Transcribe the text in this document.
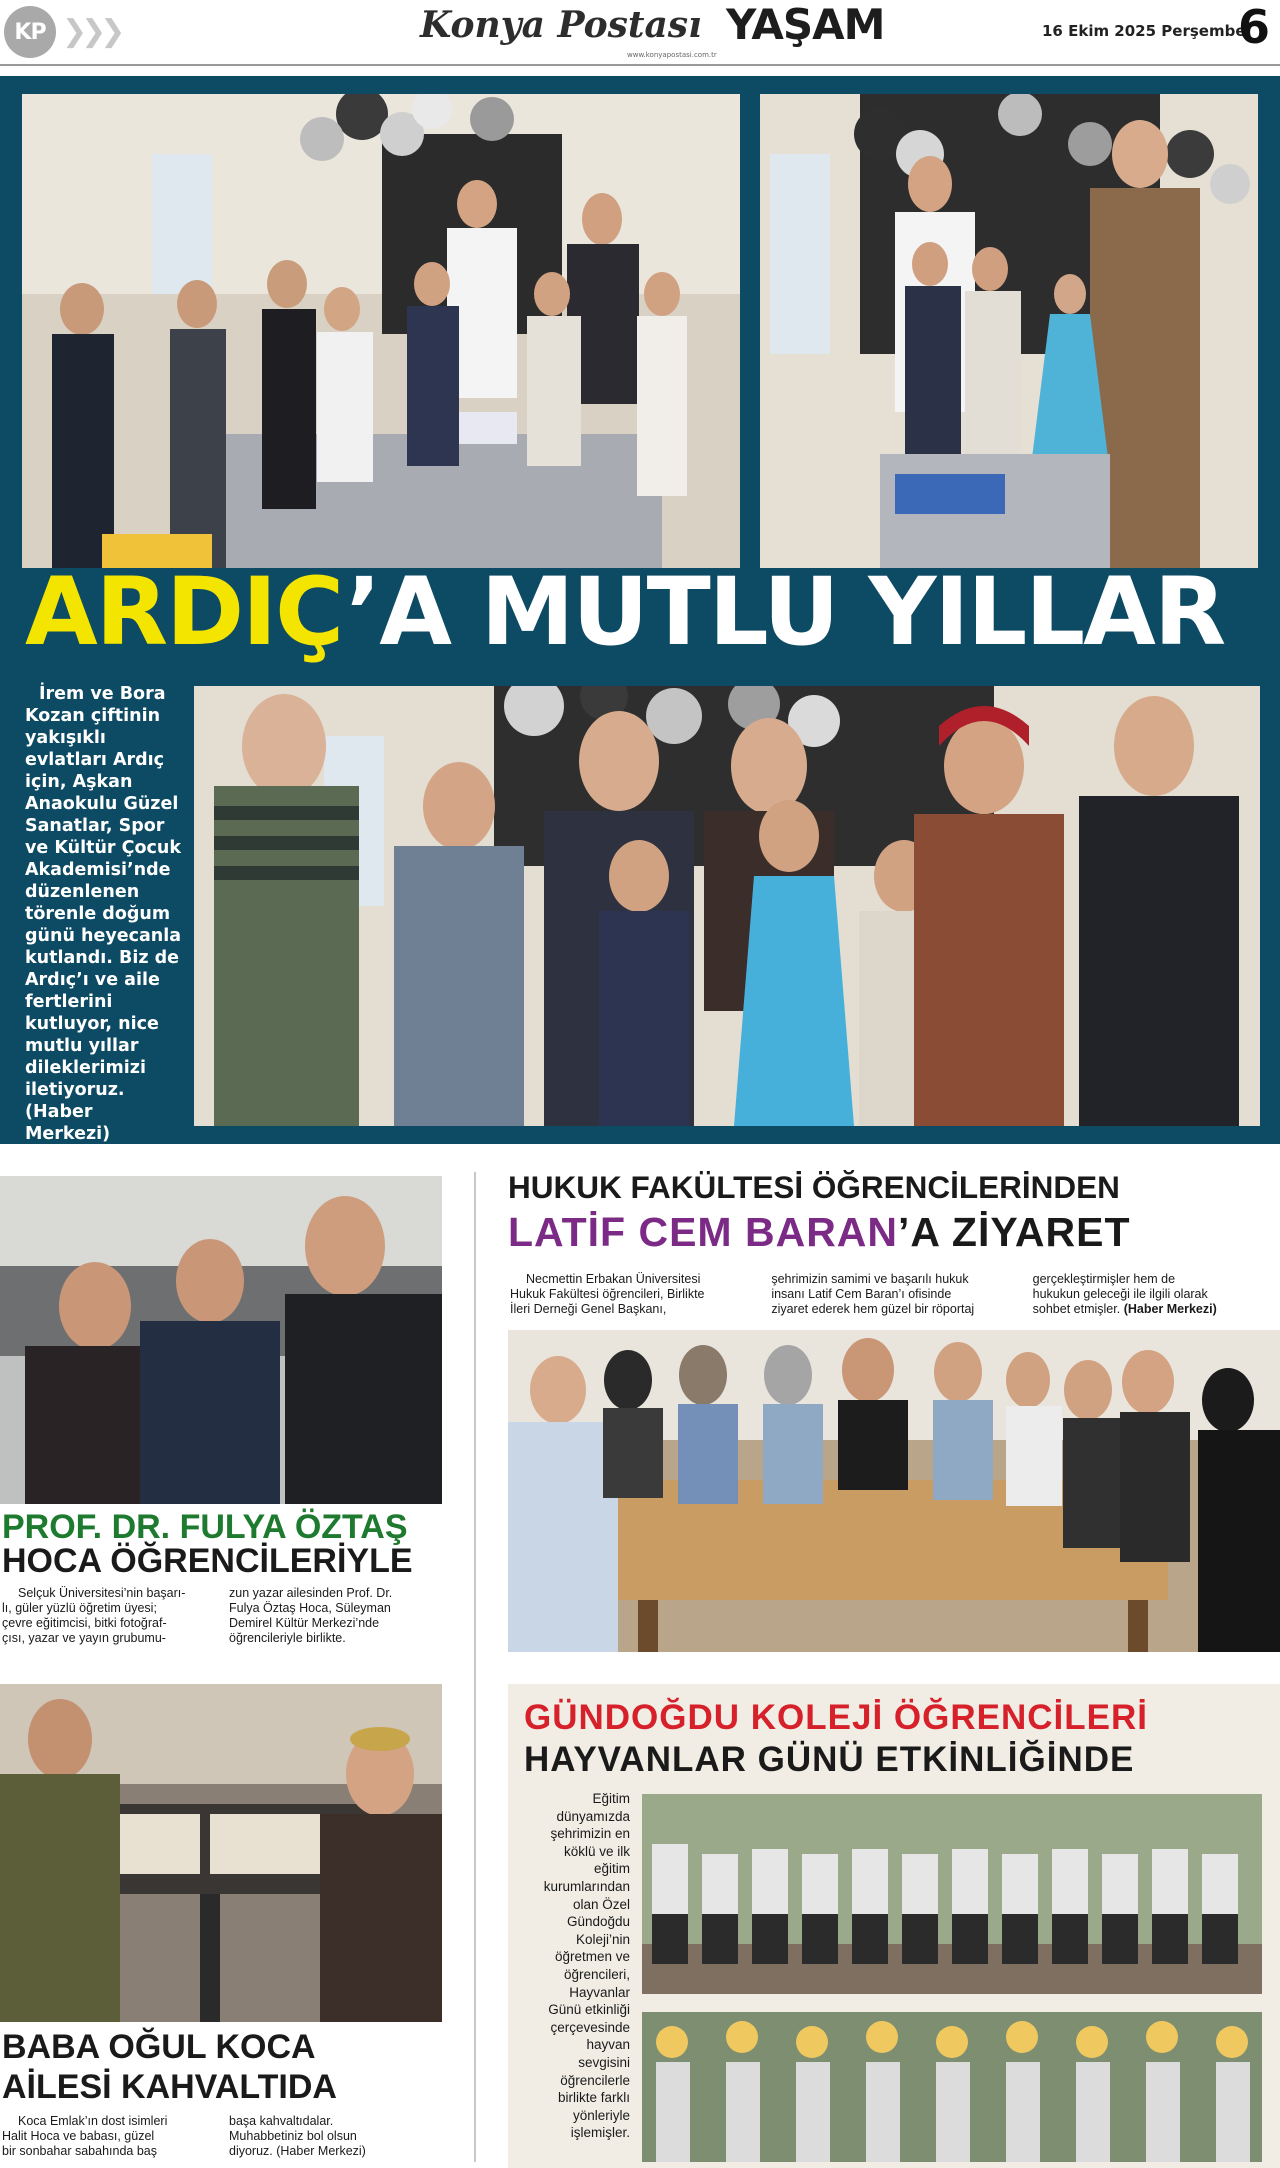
KP ❯❯❯	Konya Postası YAŞAM
www.konyapostasi.com.tr
16 Ekim 2025 Perşembe
6
ARDIÇ’A MUTLU YILLAR
İrem ve Bora
Kozan çiftinin
yakışıklı
evlatları Ardıç
için, Aşkan
Anaokulu Güzel
Sanatlar, Spor
ve Kültür Çocuk
Akademisi’nde
düzenlenen
törenle doğum
günü heyecanla
kutlandı. Biz de
Ardıç’ı ve aile
fertlerini
kutluyor, nice
mutlu yıllar
dileklerimizi
iletiyoruz.
(Haber Merkezi)
PROF. DR. FULYA ÖZTAŞ
HOCA ÖĞRENCİLERİYLE
Selçuk Üniversitesi’nin başarı-
lı, güler yüzlü öğretim üyesi;
çevre eğitimcisi, bitki fotoğraf-
çısı, yazar ve yayın grubumu-
zun yazar ailesinden Prof. Dr.
Fulya Öztaş Hoca, Süleyman
Demirel Kültür Merkezi’nde
öğrencileriyle birlikte.
BABA OĞUL KOCA
AİLESİ KAHVALTIDA
Koca Emlak’ın dost isimleri
Halit Hoca ve babası, güzel
bir sonbahar sabahında baş
başa kahvaltıdalar.
Muhabbetiniz bol olsun
diyoruz. (Haber Merkezi)
HUKUK FAKÜLTESİ ÖĞRENCİLERİNDEN
LATİF CEM BARAN’A ZİYARET
Necmettin Erbakan Üniversitesi
Hukuk Fakültesi öğrencileri, Birlikte
İleri Derneği Genel Başkanı,
şehrimizin samimi ve başarılı hukuk
insanı Latif Cem Baran’ı ofisinde
ziyaret ederek hem güzel bir röportaj
gerçekleştirmişler hem de
hukukun geleceği ile ilgili olarak
sohbet etmişler. (Haber Merkezi)
GÜNDOĞDU KOLEJİ ÖĞRENCİLERİ
HAYVANLAR GÜNÜ ETKİNLİĞİNDE
Eğitim
dünyamızda
şehrimizin en
köklü ve ilk
eğitim
kurumlarından
olan Özel
Gündoğdu
Koleji’nin
öğretmen ve
öğrencileri,
Hayvanlar
Günü etkinliği
çerçevesinde
hayvan
sevgisini
öğrencilerle
birlikte farklı
yönleriyle
işlemişler.
